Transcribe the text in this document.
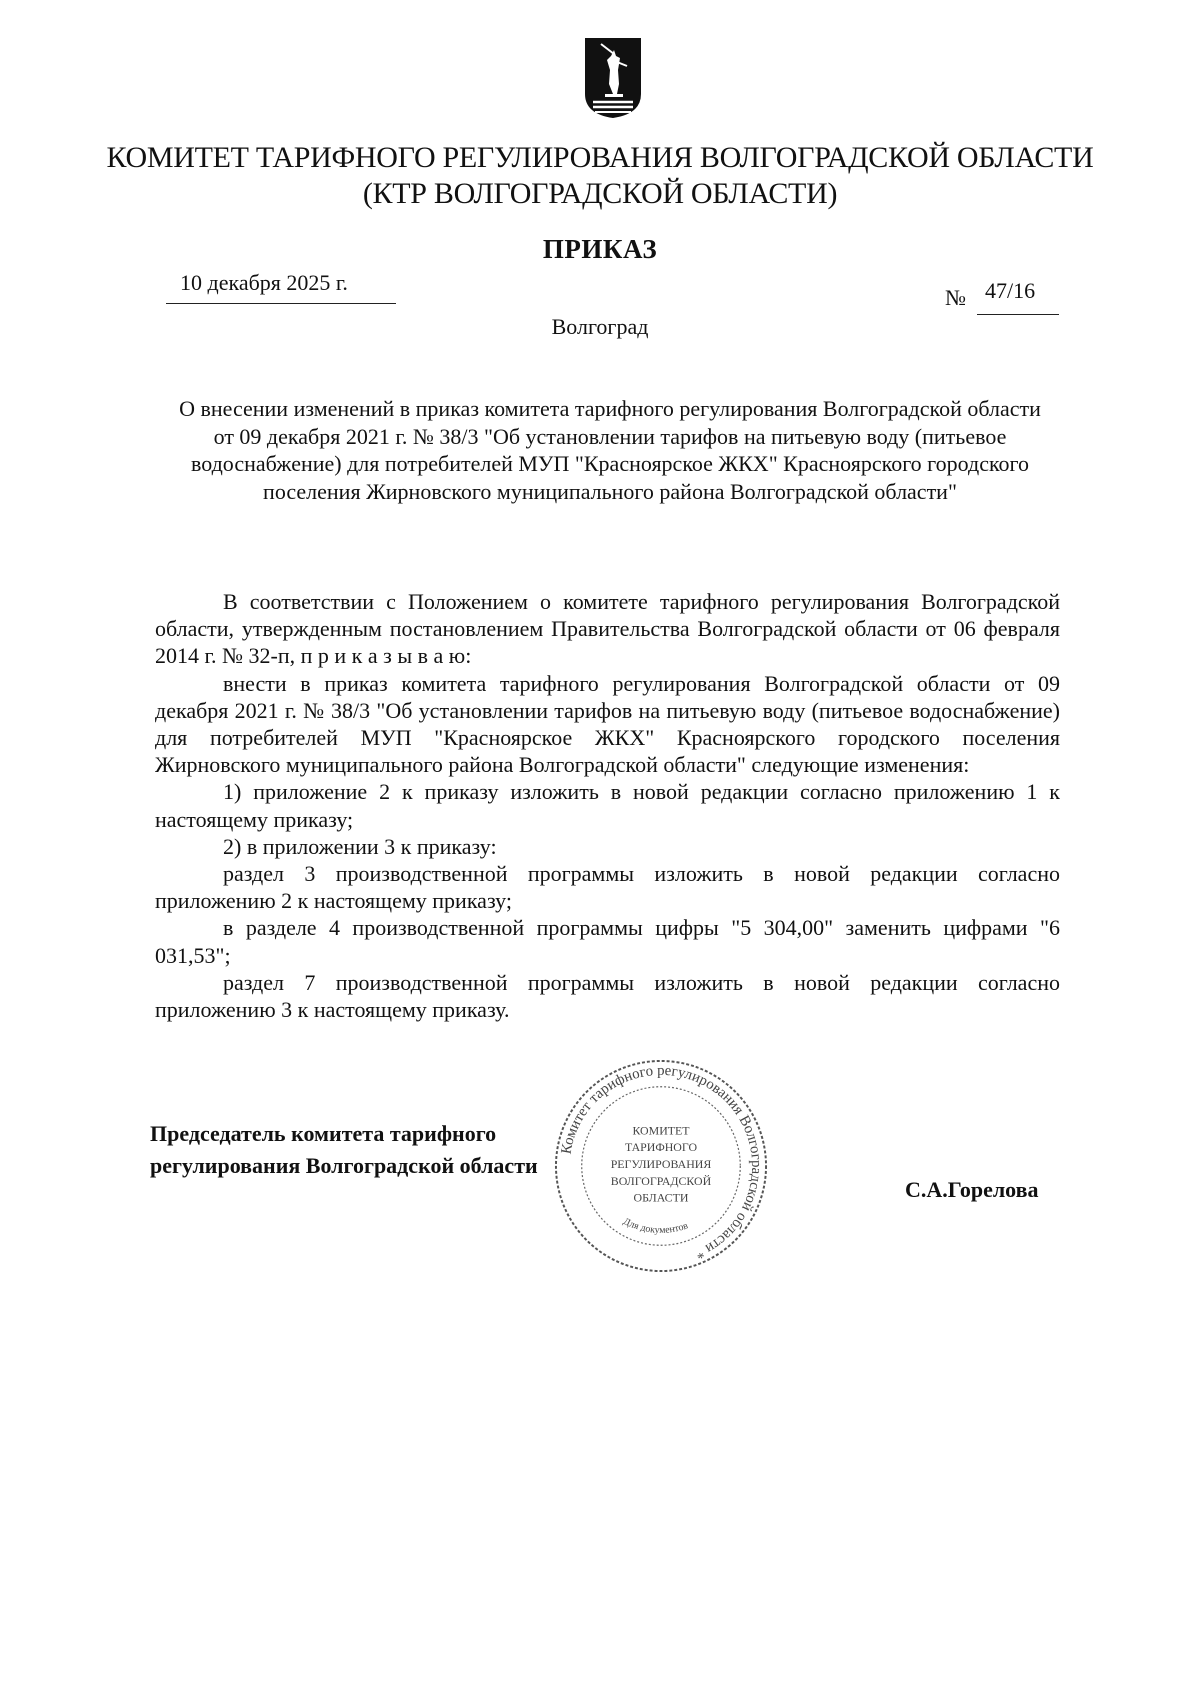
КОМИТЕТ ТАРИФНОГО РЕГУЛИРОВАНИЯ ВОЛГОГРАДСКОЙ ОБЛАСТИ
(КТР ВОЛГОГРАДСКОЙ ОБЛАСТИ)
ПРИКАЗ
10 декабря 2025 г.
№ 47/16
Волгоград
О внесении изменений в приказ комитета тарифного регулирования Волгоградской области от 09 декабря 2021 г. № 38/3 "Об установлении тарифов на питьевую воду (питьевое водоснабжение) для потребителей МУП "Красноярское ЖКХ" Красноярского городского поселения Жирновского муниципального района Волгоградской области"

В соответствии с Положением о комитете тарифного регулирования Волгоградской области, утвержденным постановлением Правительства Волгоградской области от 06 февраля 2014 г. № 32-п, п р и к а з ы в а ю:

внести в приказ комитета тарифного регулирования Волгоградской области от 09 декабря 2021 г. № 38/3 "Об установлении тарифов на питьевую воду (питьевое водоснабжение) для потребителей МУП "Красноярское ЖКХ" Красноярского городского поселения Жирновского муниципального района Волгоградской области" следующие изменения:

1) приложение 2 к приказу изложить в новой редакции согласно приложению 1 к настоящему приказу;

2) в приложении 3 к приказу:

раздел 3 производственной программы изложить в новой редакции согласно приложению 2 к настоящему приказу;

в разделе 4 производственной программы цифры "5 304,00" заменить цифрами "6 031,53";

раздел 7 производственной программы изложить в новой редакции согласно приложению 3 к настоящему приказу.

Председатель комитета тарифного
регулирования Волгоградской области
С.А.Горелова
Комитет тарифного регулирования Волгоградской области *
КОМИТЕТ
ТАРИФНОГО
РЕГУЛИРОВАНИЯ
ВОЛГОГРАДСКОЙ
ОБЛАСТИ
Для документов
